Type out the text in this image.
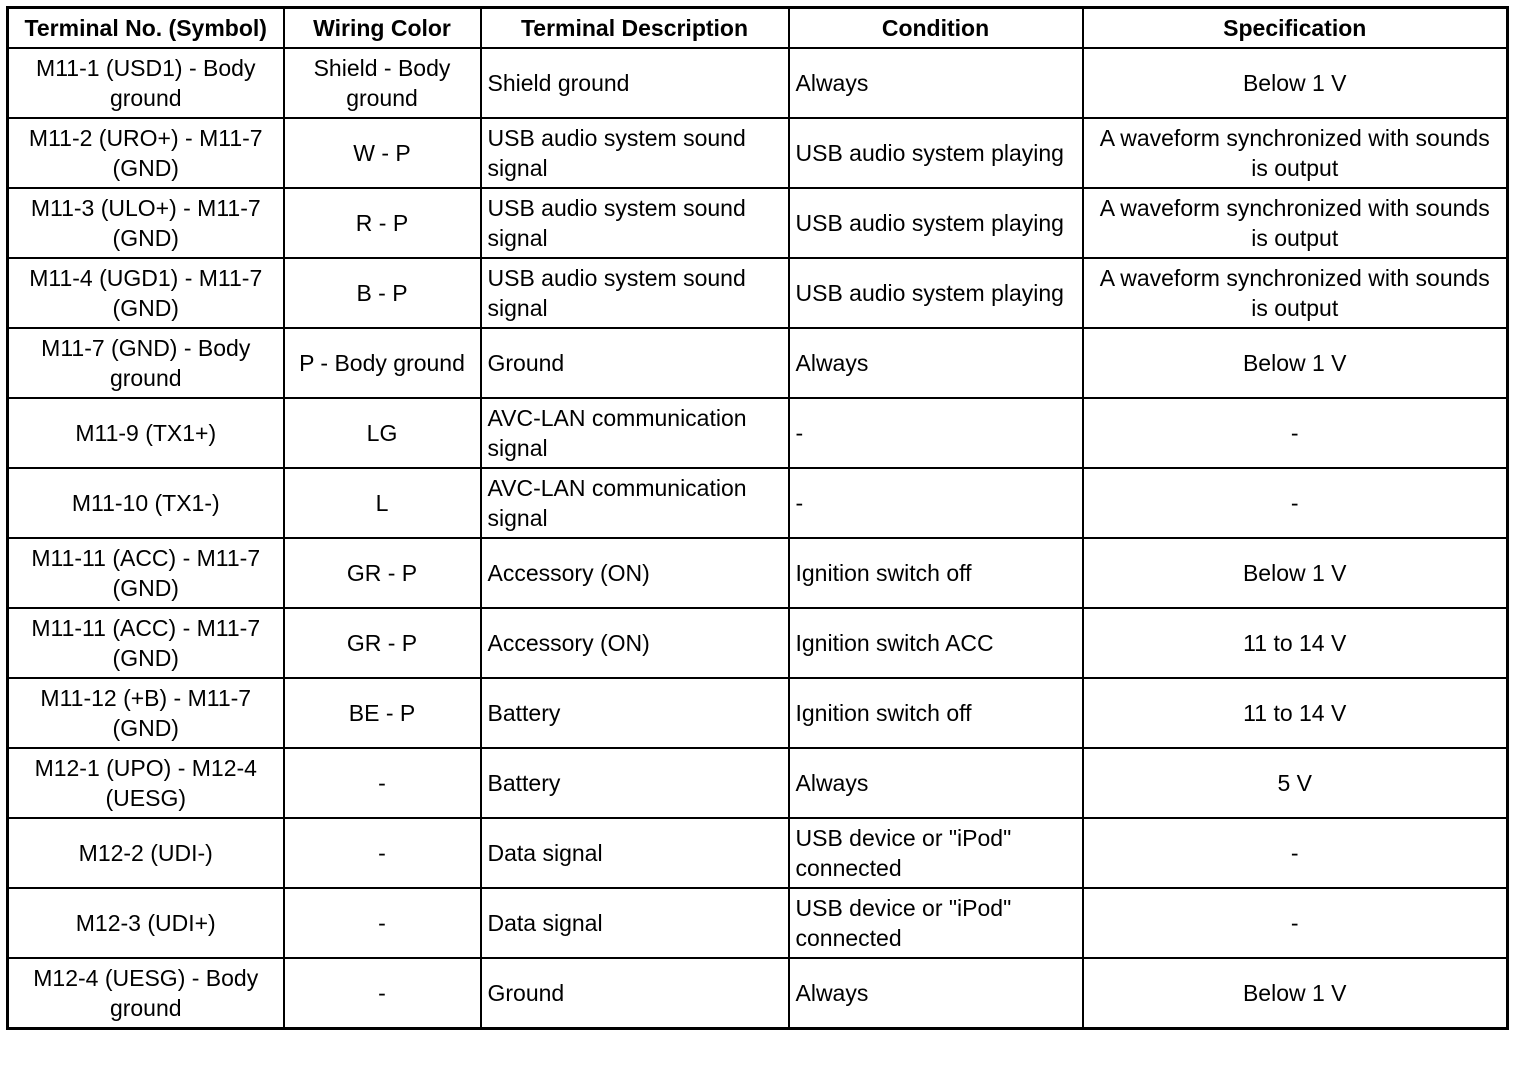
Terminal No. (Symbol)	Wiring Color	Terminal Description	Condition	Specification
M11-1 (USD1) - Body ground	Shield - Body ground	Shield ground	Always	Below 1 V
M11-2 (URO+) - M11-7 (GND)	W - P	USB audio system sound signal	USB audio system playing	A waveform synchronized with sounds is output
M11-3 (ULO+) - M11-7 (GND)	R - P	USB audio system sound signal	USB audio system playing	A waveform synchronized with sounds is output
M11-4 (UGD1) - M11-7 (GND)	B - P	USB audio system sound signal	USB audio system playing	A waveform synchronized with sounds is output
M11-7 (GND) - Body ground	P - Body ground	Ground	Always	Below 1 V
M11-9 (TX1+)	LG	AVC-LAN communication signal	-	-
M11-10 (TX1-)	L	AVC-LAN communication signal	-	-
M11-11 (ACC) - M11-7 (GND)	GR - P	Accessory (ON)	Ignition switch off	Below 1 V
M11-11 (ACC) - M11-7 (GND)	GR - P	Accessory (ON)	Ignition switch ACC	11 to 14 V
M11-12 (+B) - M11-7 (GND)	BE - P	Battery	Ignition switch off	11 to 14 V
M12-1 (UPO) - M12-4 (UESG)	-	Battery	Always	5 V
M12-2 (UDI-)	-	Data signal	USB device or "iPod" connected	-
M12-3 (UDI+)	-	Data signal	USB device or "iPod" connected	-
M12-4 (UESG) - Body ground	-	Ground	Always	Below 1 V
